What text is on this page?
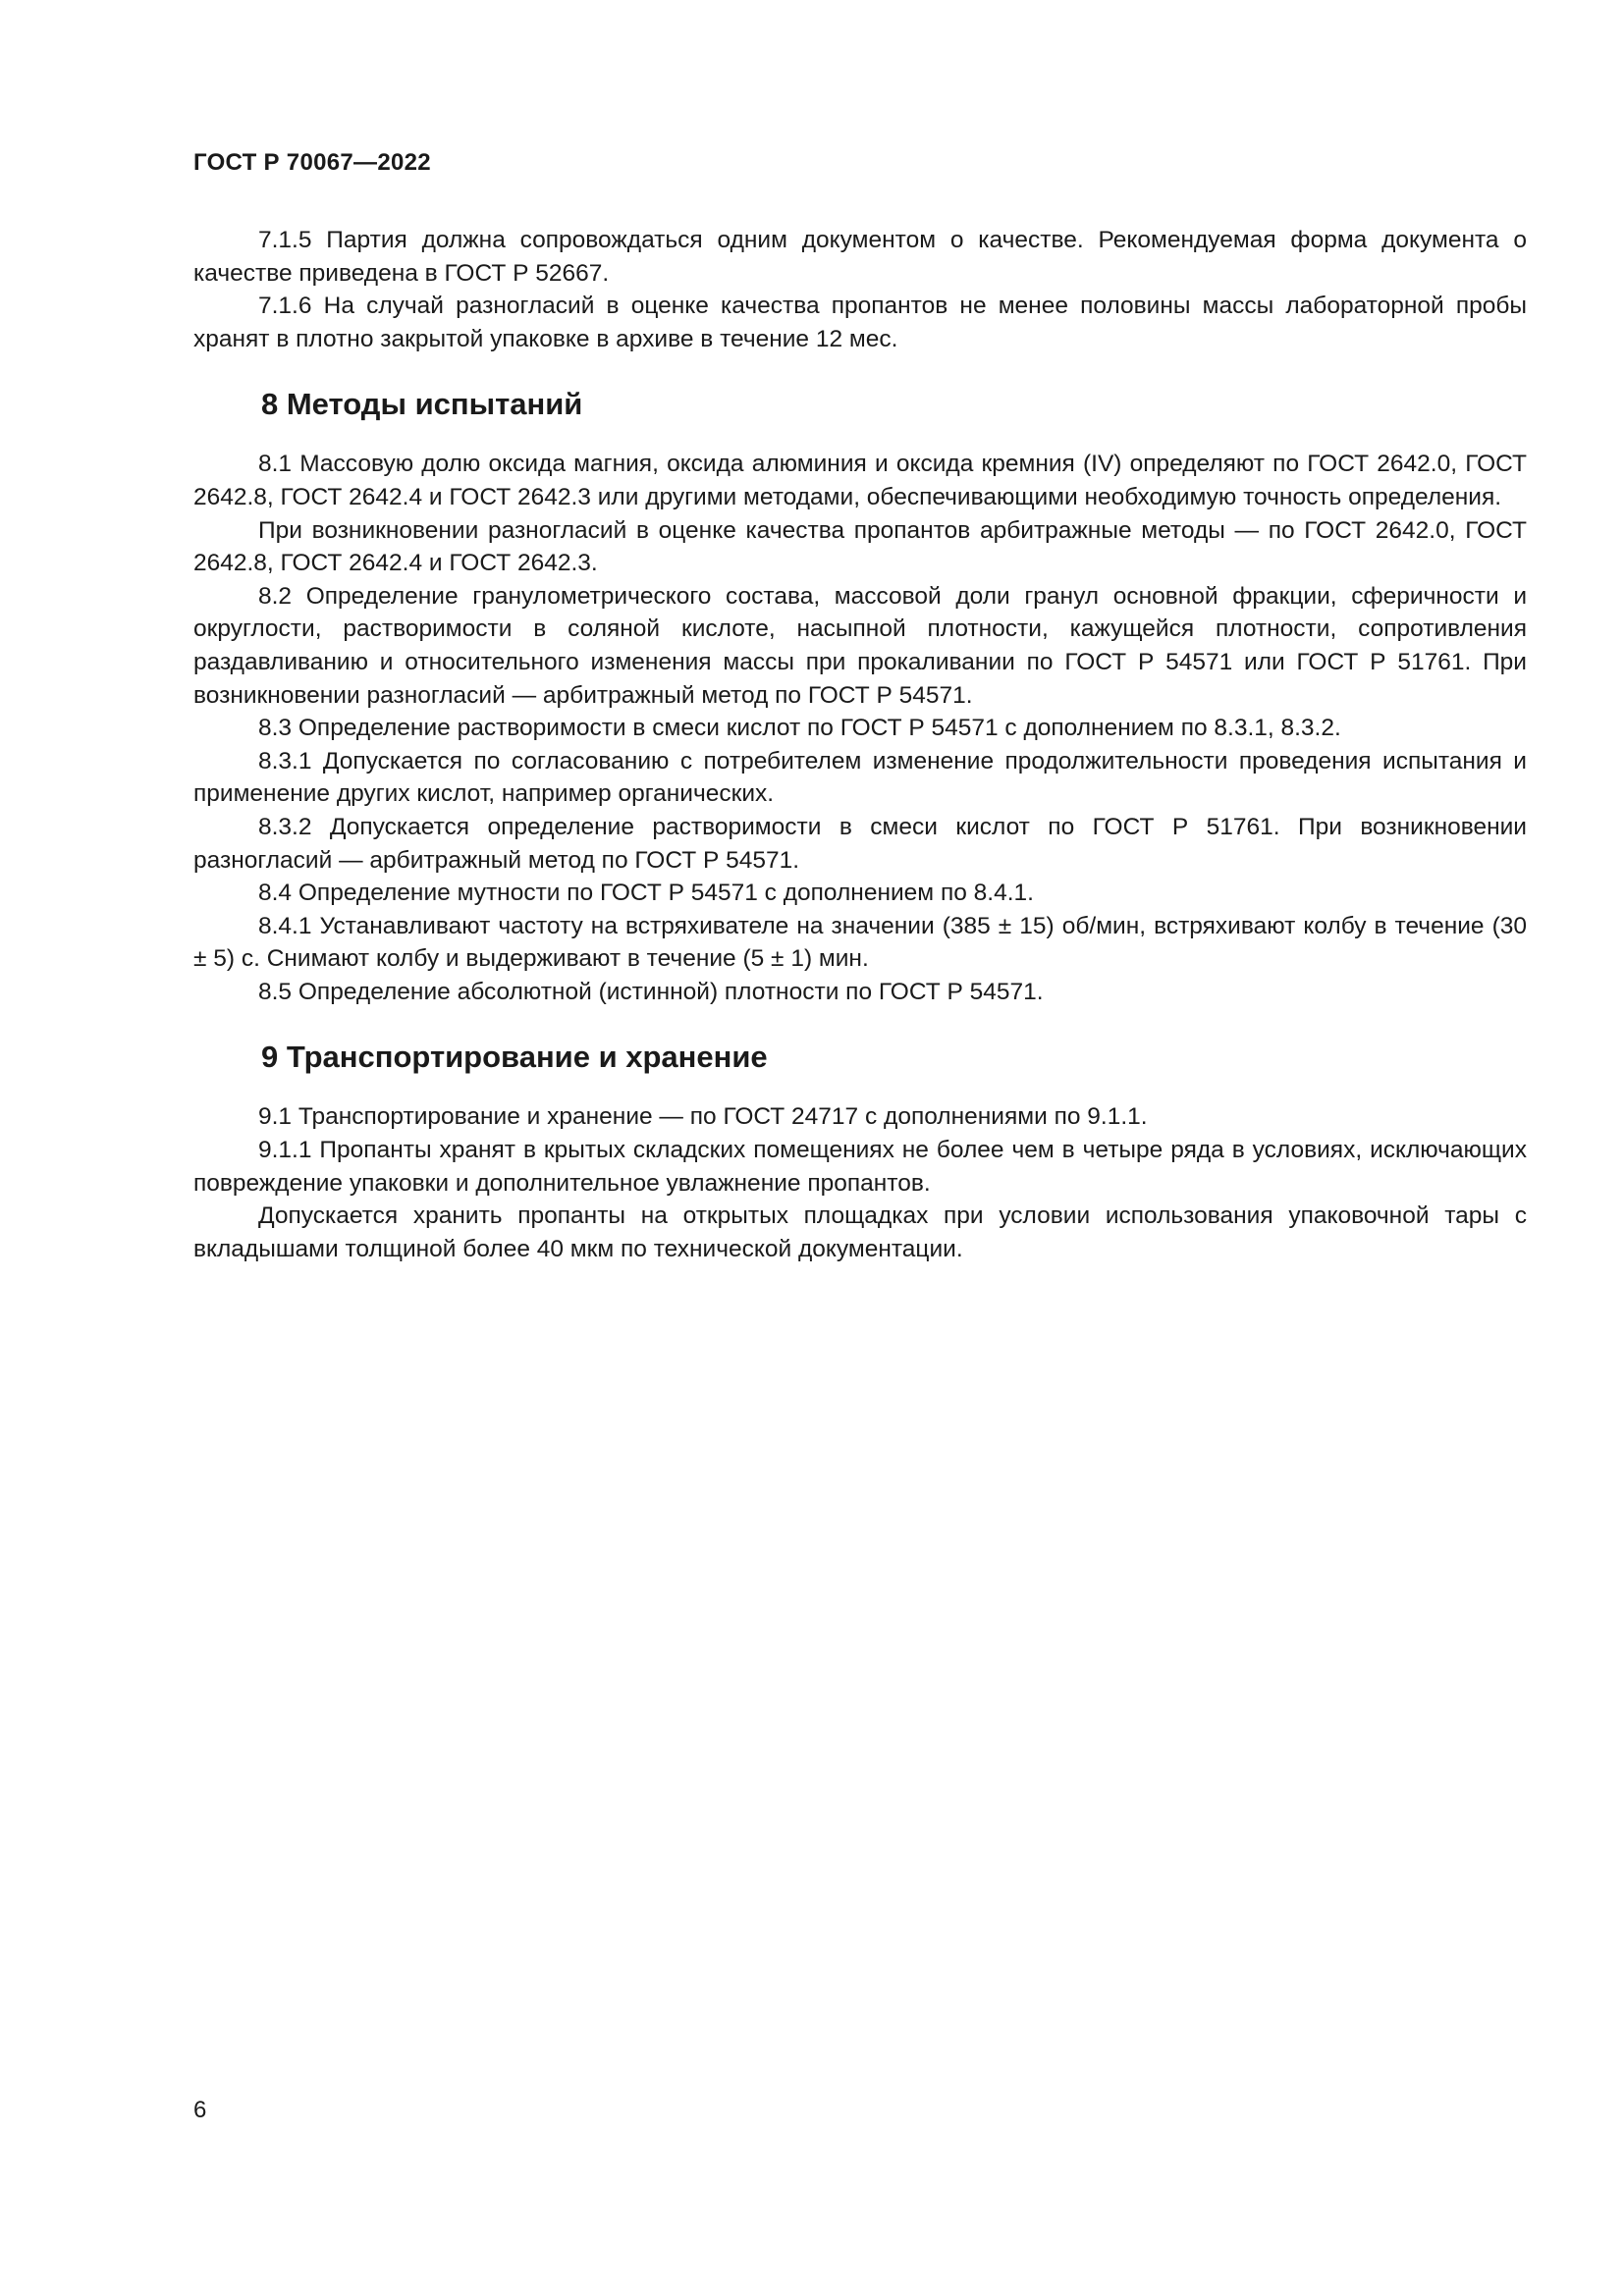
ГОСТ Р 70067—2022

7.1.5 Партия должна сопровождаться одним документом о качестве. Рекомендуемая форма документа о качестве приведена в ГОСТ Р 52667.

7.1.6 На случай разногласий в оценке качества пропантов не менее половины массы лабораторной пробы хранят в плотно закрытой упаковке в архиве в течение 12 мес.

8 Методы испытаний

8.1 Массовую долю оксида магния, оксида алюминия и оксида кремния (IV) определяют по ГОСТ 2642.0, ГОСТ 2642.8, ГОСТ 2642.4 и ГОСТ 2642.3 или другими методами, обеспечивающими необходимую точность определения.

При возникновении разногласий в оценке качества пропантов арбитражные методы — по ГОСТ 2642.0, ГОСТ 2642.8, ГОСТ 2642.4 и ГОСТ 2642.3.

8.2 Определение гранулометрического состава, массовой доли гранул основной фракции, сферичности и округлости, растворимости в соляной кислоте, насыпной плотности, кажущейся плотности, сопротивления раздавливанию и относительного изменения массы при прокаливании по ГОСТ Р 54571 или ГОСТ Р 51761. При возникновении разногласий — арбитражный метод по ГОСТ Р 54571.

8.3 Определение растворимости в смеси кислот по ГОСТ Р 54571 с дополнением по 8.3.1, 8.3.2.

8.3.1 Допускается по согласованию с потребителем изменение продолжительности проведения испытания и применение других кислот, например органических.

8.3.2 Допускается определение растворимости в смеси кислот по ГОСТ Р 51761. При возникновении разногласий — арбитражный метод по ГОСТ Р 54571.

8.4 Определение мутности по ГОСТ Р 54571 с дополнением по 8.4.1.

8.4.1 Устанавливают частоту на встряхивателе на значении (385 ± 15) об/мин, встряхивают колбу в течение (30 ± 5) с. Снимают колбу и выдерживают в течение (5 ± 1) мин.

8.5 Определение абсолютной (истинной) плотности по ГОСТ Р 54571.

9 Транспортирование и хранение

9.1 Транспортирование и хранение — по ГОСТ 24717 с дополнениями по 9.1.1.

9.1.1 Пропанты хранят в крытых складских помещениях не более чем в четыре ряда в условиях, исключающих повреждение упаковки и дополнительное увлажнение пропантов.

Допускается хранить пропанты на открытых площадках при условии использования упаковочной тары с вкладышами толщиной более 40 мкм по технической документации.

6
